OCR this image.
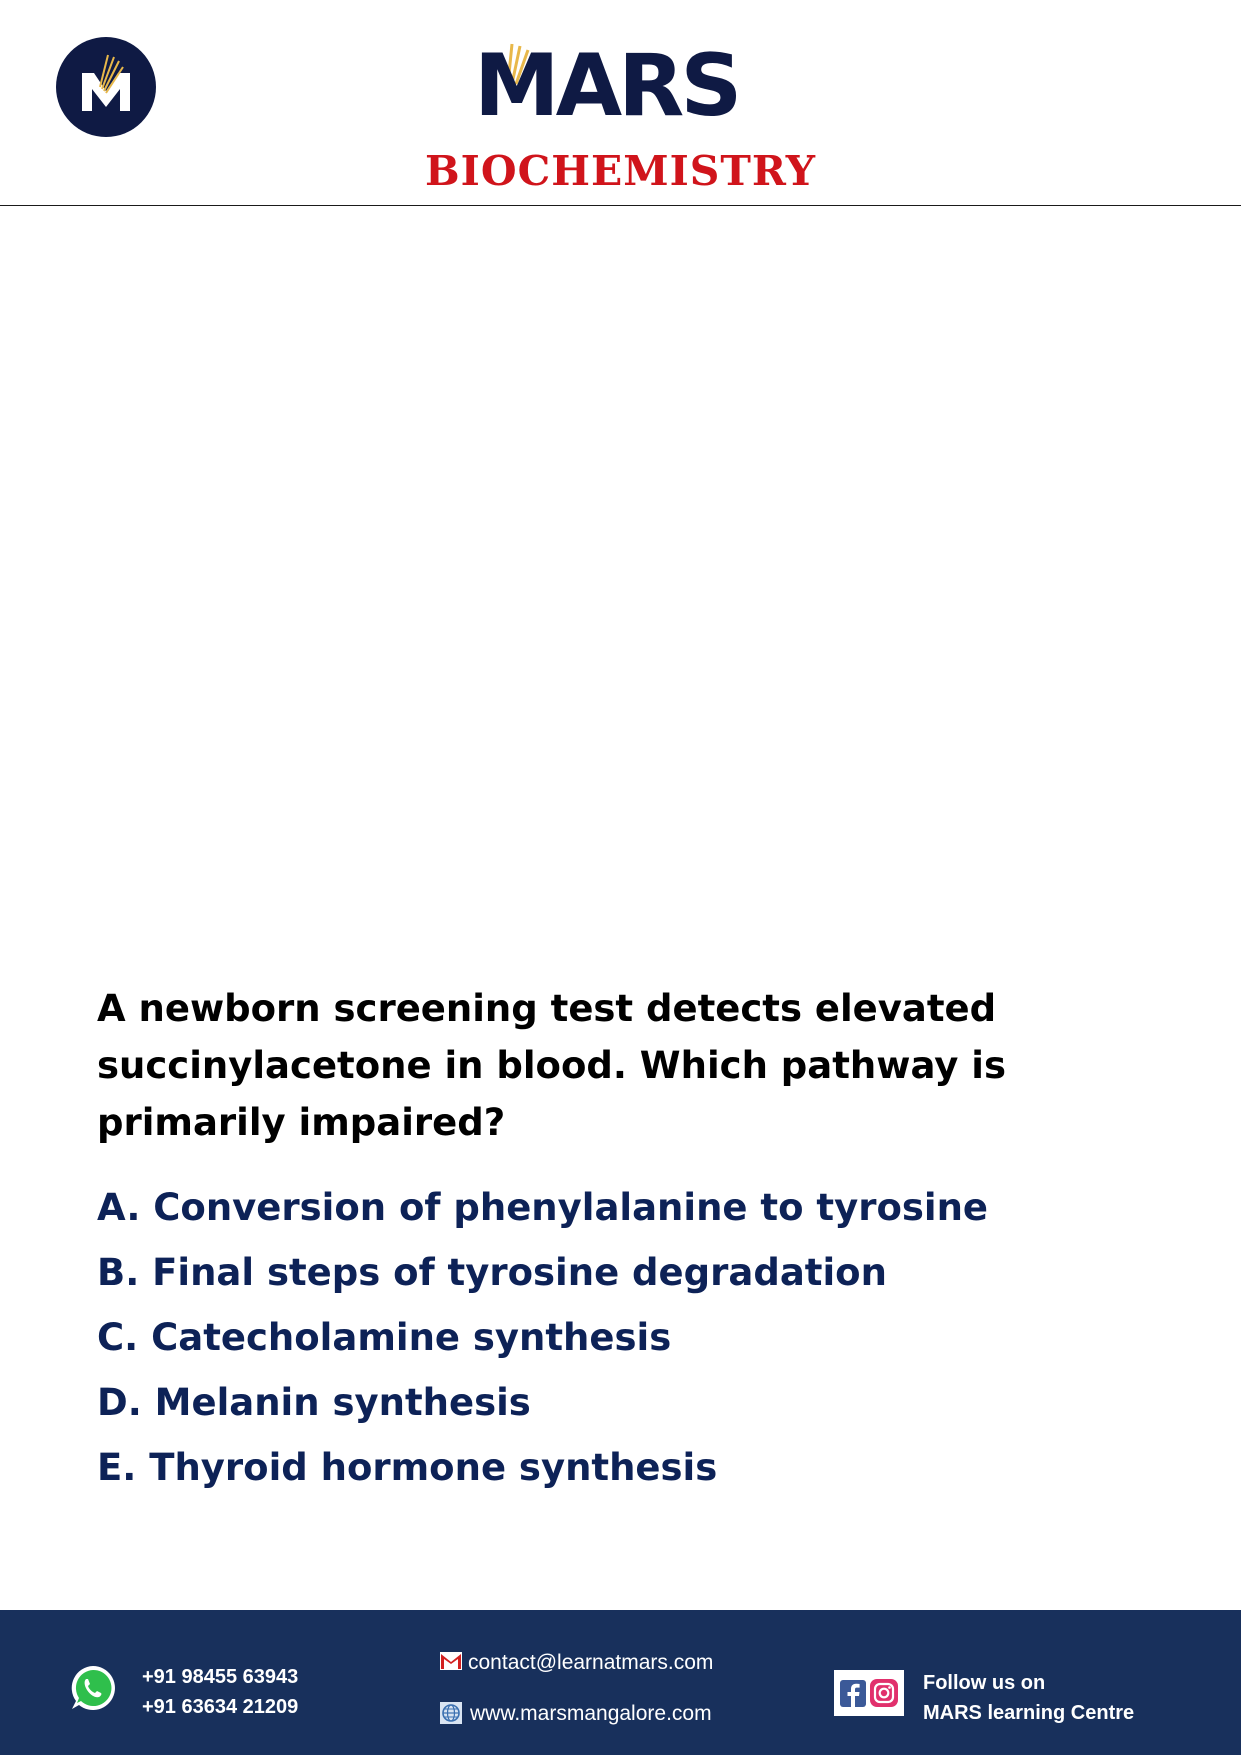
MARS
BIOCHEMISTRY
A newborn screening test detects elevated succinylacetone in blood. Which pathway is primarily impaired?
A. Conversion of phenylalanine to tyrosine
B. Final steps of tyrosine degradation
C. Catecholamine synthesis
D. Melanin synthesis
E. Thyroid hormone synthesis
+91 98455 63943
+91 63634 21209
contact@learnatmars.com
www.marsmangalore.com
Follow us on
MARS learning Centre
